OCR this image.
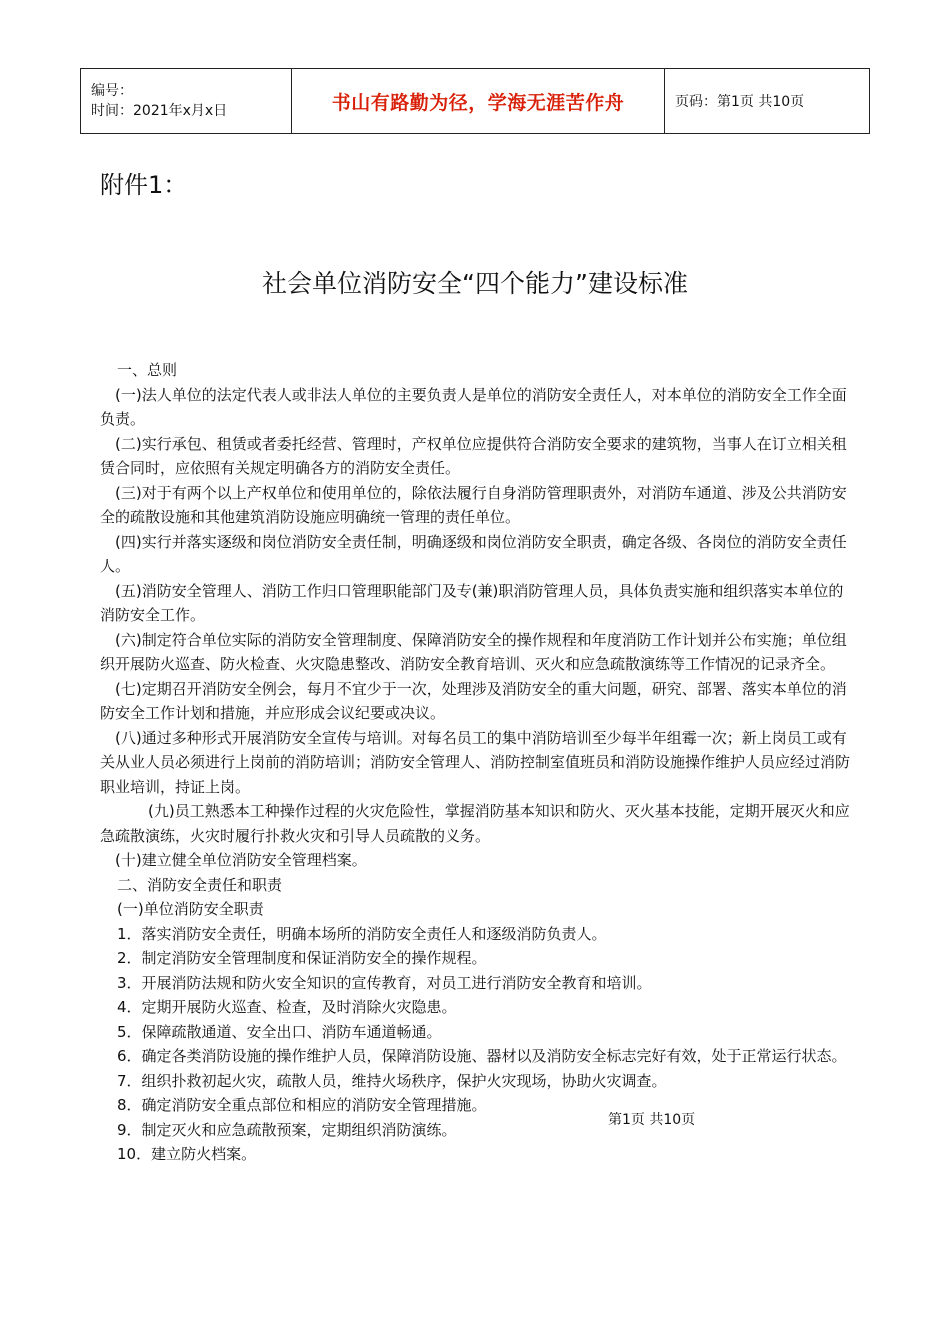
编号：
时间：2021年x月x日	书山有路勤为径，学海无涯苦作舟	页码：第1页 共10页
附件1：
社会单位消防安全“四个能力”建设标准

一、总则

(一)法人单位的法定代表人或非法人单位的主要负责人是单位的消防安全责任人，对本单位的消防安全工作全面负责。

(二)实行承包、租赁或者委托经营、管理时，产权单位应提供符合消防安全要求的建筑物，当事人在订立相关租赁合同时，应依照有关规定明确各方的消防安全责任。

(三)对于有两个以上产权单位和使用单位的，除依法履行自身消防管理职责外，对消防车通道、涉及公共消防安全的疏散设施和其他建筑消防设施应明确统一管理的责任单位。

(四)实行并落实逐级和岗位消防安全责任制，明确逐级和岗位消防安全职责，确定各级、各岗位的消防安全责任人。

(五)消防安全管理人、消防工作归口管理职能部门及专(兼)职消防管理人员，具体负责实施和组织落实本单位的消防安全工作。

(六)制定符合单位实际的消防安全管理制度、保障消防安全的操作规程和年度消防工作计划并公布实施；单位组织开展防火巡查、防火检查、火灾隐患整改、消防安全教育培训、灭火和应急疏散演练等工作情况的记录齐全。

(七)定期召开消防安全例会，每月不宜少于一次，处理涉及消防安全的重大问题，研究、部署、落实本单位的消防安全工作计划和措施，并应形成会议纪要或决议。

(八)通过多种形式开展消防安全宣传与培训。对每名员工的集中消防培训至少每半年组霉一次；新上岗员工或有关从业人员必须进行上岗前的消防培训；消防安全管理人、消防控制室值班员和消防设施操作维护人员应经过消防职业培训，持证上岗。

(九)员工熟悉本工种操作过程的火灾危险性，掌握消防基本知识和防火、灭火基本技能，定期开展灭火和应急疏散演练，火灾时履行扑救火灾和引导人员疏散的义务。

(十)建立健全单位消防安全管理档案。

二、消防安全责任和职责

(一)单位消防安全职责

1．落实消防安全责任，明确本场所的消防安全责任人和逐级消防负责人。

2．制定消防安全管理制度和保证消防安全的操作规程。

3．开展消防法规和防火安全知识的宣传教育，对员工进行消防安全教育和培训。

4．定期开展防火巡查、检查，及时消除火灾隐患。

5．保障疏散通道、安全出口、消防车通道畅通。

6．确定各类消防设施的操作维护人员，保障消防设施、器材以及消防安全标志完好有效，处于正常运行状态。

7．组织扑救初起火灾，疏散人员，维持火场秩序，保护火灾现场，协助火灾调查。

8．确定消防安全重点部位和相应的消防安全管理措施。

9．制定灭火和应急疏散预案，定期组织消防演练。

10．建立防火档案。

第1页 共10页
